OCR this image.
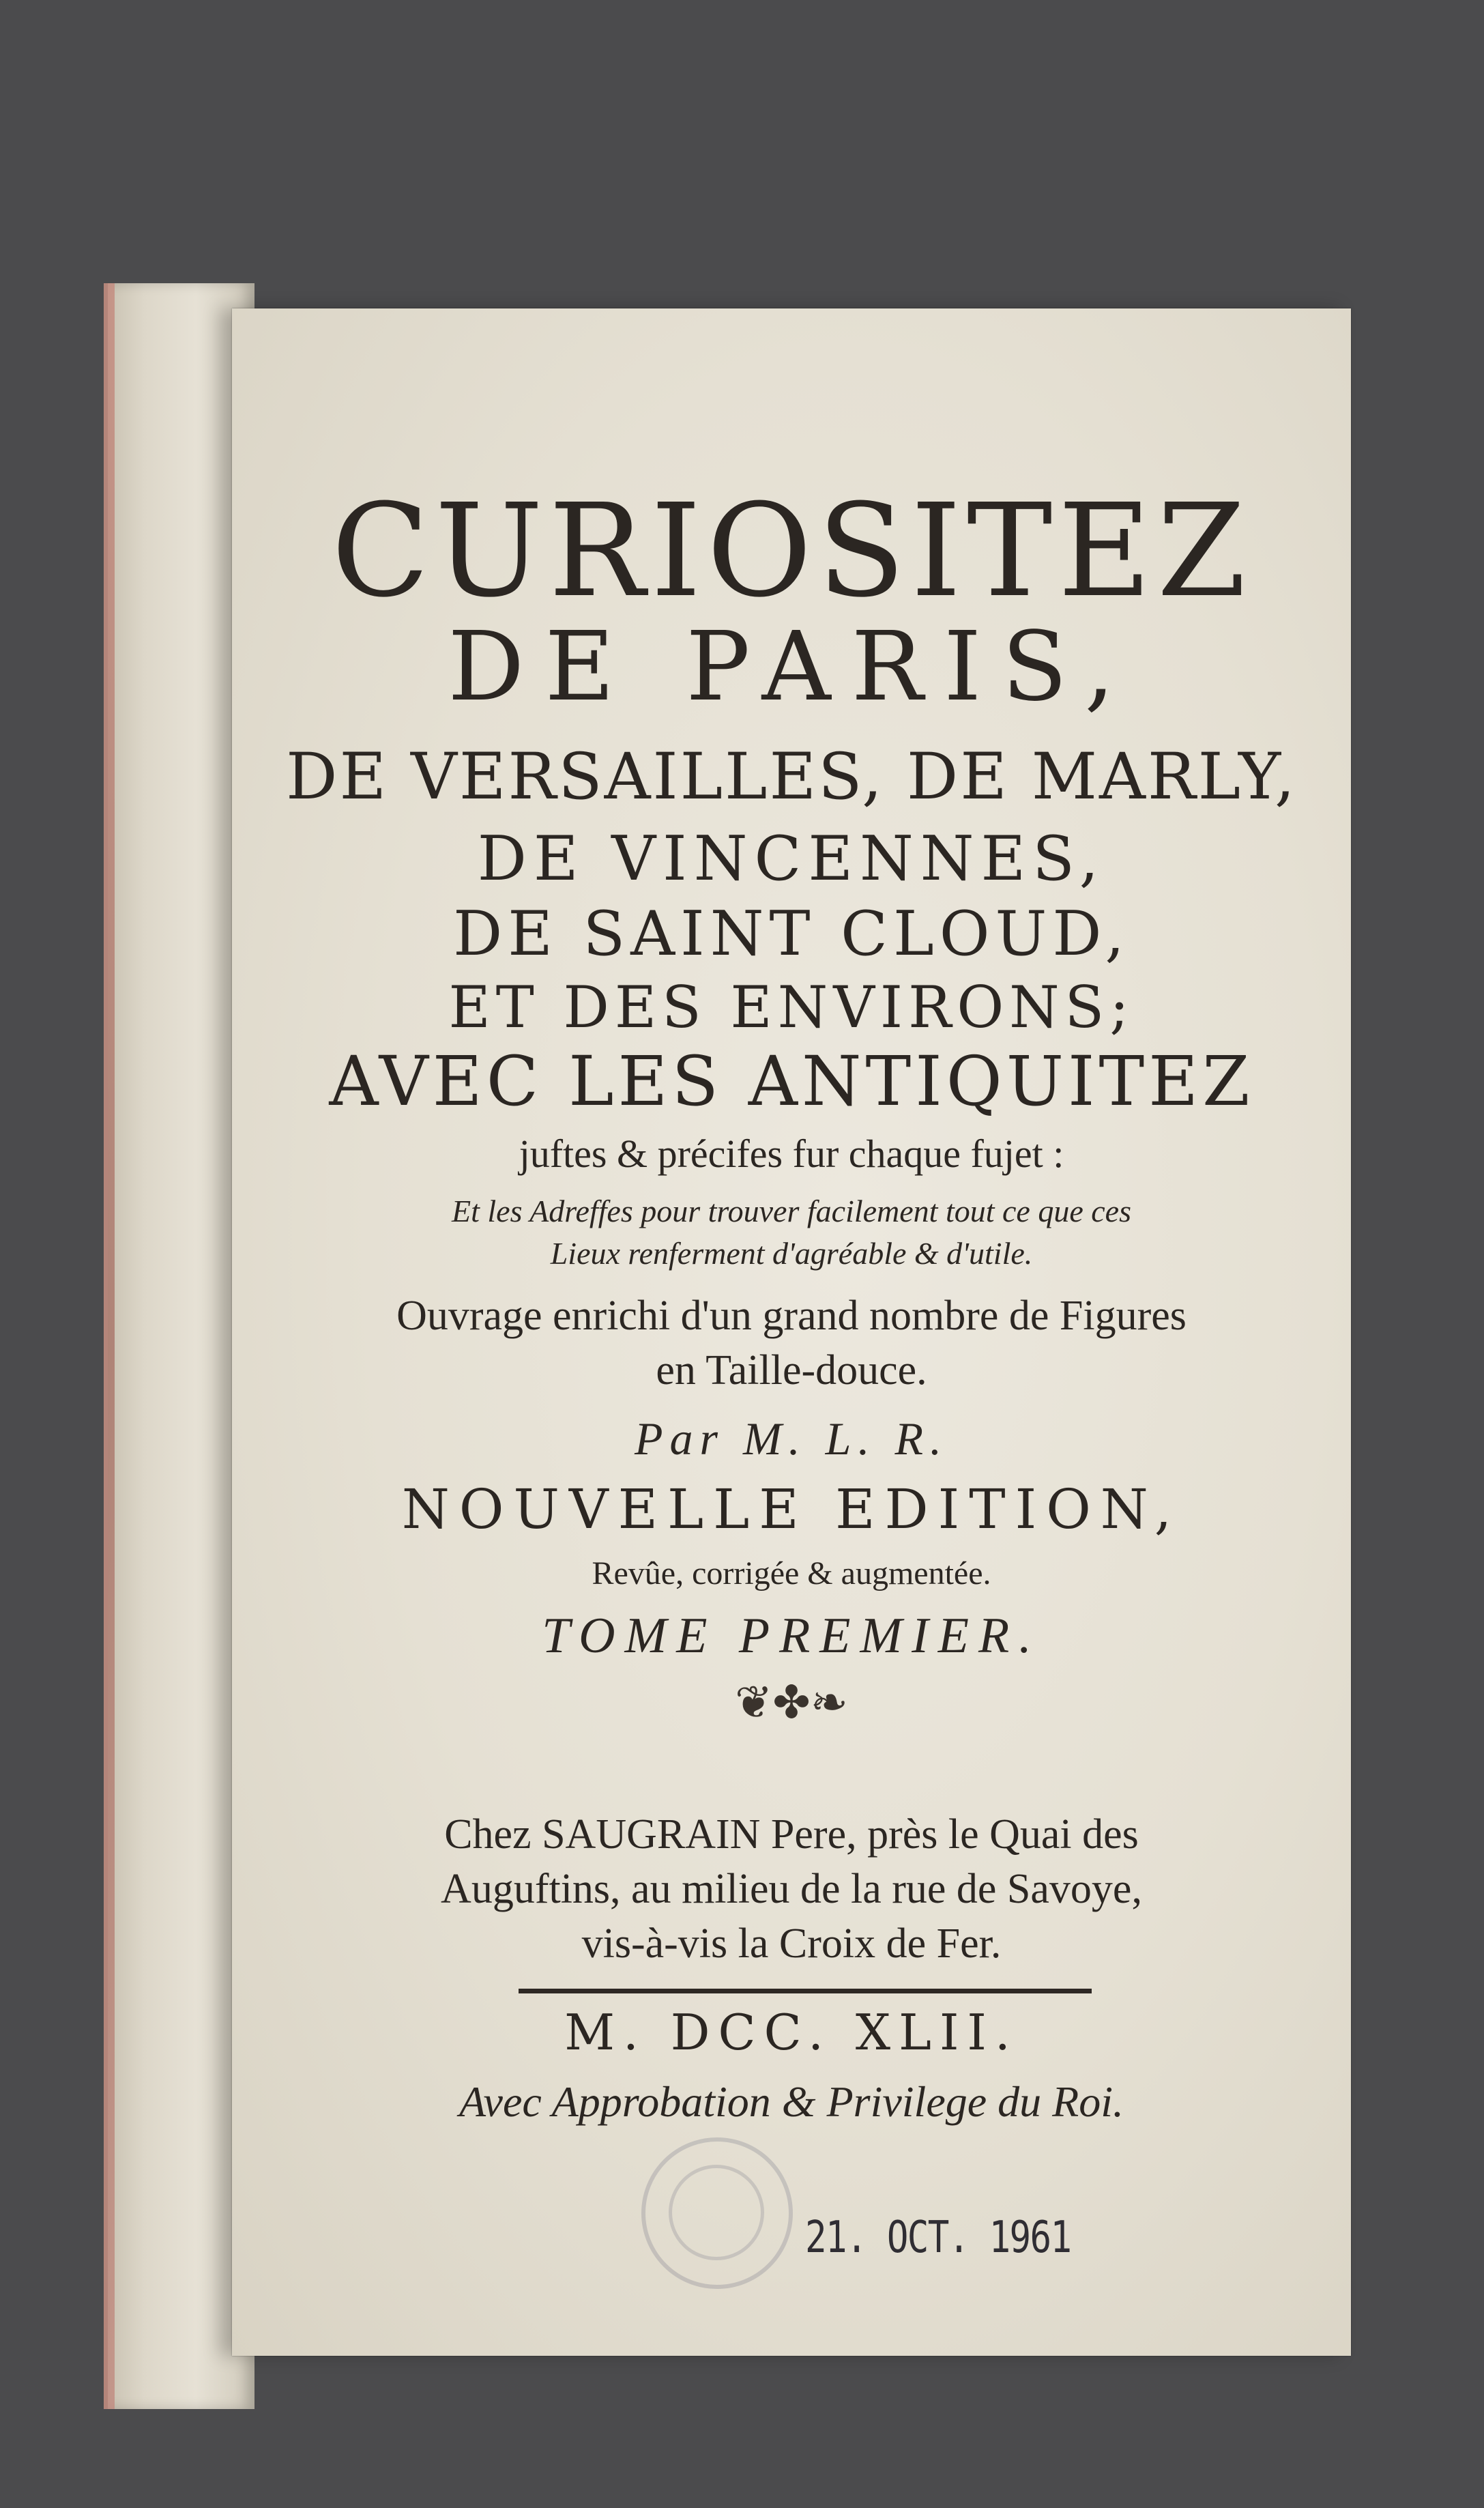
CURIOSITEZ
DE PARIS,
DE VERSAILLES, DE MARLY,
DE VINCENNES,
DE SAINT CLOUD,
ET DES ENVIRONS;
AVEC LES ANTIQUITEZ
juftes & précifes fur chaque fujet :
Et les Adreffes pour trouver facilement tout ce que ces
Lieux renferment d'agréable & d'utile.
Ouvrage enrichi d'un grand nombre de Figures
en Taille-douce.
Par M. L. R.
NOUVELLE EDITION,
Revûe, corrigée & augmentée.
TOME PREMIER.
❦✤❧
Chez SAUGRAIN Pere, près le Quai des
Auguftins, au milieu de la rue de Savoye,
vis-à-vis la Croix de Fer.
M. DCC. XLII.
Avec Approbation & Privilege du Roi.
21. OCT. 1961
